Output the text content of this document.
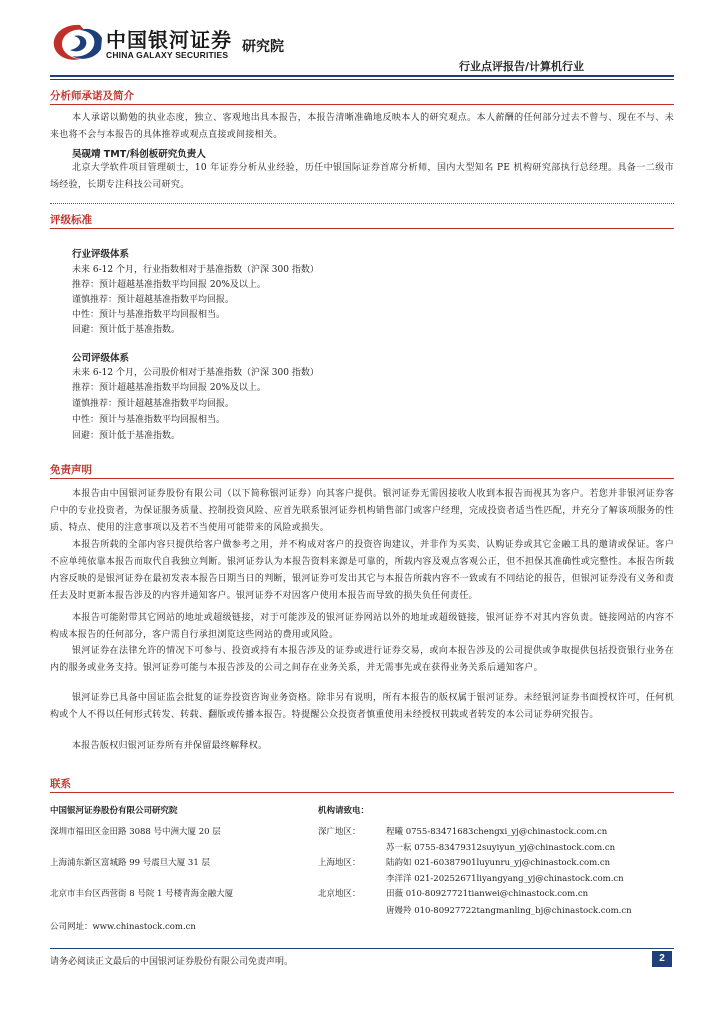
中国银河证券
CHINA GALAXY SECURITIES 研究院
行业点评报告/计算机行业
分析师承诺及简介
本人承诺以勤勉的执业态度，独立、客观地出具本报告，本报告清晰准确地反映本人的研究观点。本人薪酬的任何部分过去不曾与、现在不与、未来也将不会与本报告的具体推荐或观点直接或间接相关。
吴砚靖 TMT/科创板研究负责人
北京大学软件项目管理硕士，10 年证券分析从业经验，历任中银国际证券首席分析师，国内大型知名 PE 机构研究部执行总经理。具备一二级市场经验，长期专注科技公司研究。
评级标准
行业评级体系
未来 6-12 个月，行业指数相对于基准指数（沪深 300 指数）
推荐：预计超越基准指数平均回报 20%及以上。
谨慎推荐：预计超越基准指数平均回报。
中性：预计与基准指数平均回报相当。
回避：预计低于基准指数。
公司评级体系
未来 6-12 个月，公司股价相对于基准指数（沪深 300 指数）
推荐：预计超越基准指数平均回报 20%及以上。
谨慎推荐：预计超越基准指数平均回报。
中性：预计与基准指数平均回报相当。
回避：预计低于基准指数。
免责声明
本报告由中国银河证券股份有限公司（以下简称银河证券）向其客户提供。银河证券无需因接收人收到本报告而视其为客户。若您并非银河证券客户中的专业投资者，为保证服务质量、控制投资风险、应首先联系银河证券机构销售部门或客户经理，完成投资者适当性匹配，并充分了解该项服务的性质、特点、使用的注意事项以及若不当使用可能带来的风险或损失。
本报告所载的全部内容只提供给客户做参考之用，并不构成对客户的投资咨询建议，并非作为买卖、认购证券或其它金融工具的邀请或保证。客户不应单纯依靠本报告而取代自我独立判断。银河证券认为本报告资料来源是可靠的，所载内容及观点客观公正，但不担保其准确性或完整性。本报告所载内容反映的是银河证券在最初发表本报告日期当日的判断，银河证券可发出其它与本报告所载内容不一致或有不同结论的报告，但银河证券没有义务和责任去及时更新本报告涉及的内容并通知客户。银河证券不对因客户使用本报告而导致的损失负任何责任。
本报告可能附带其它网站的地址或超级链接，对于可能涉及的银河证券网站以外的地址或超级链接，银河证券不对其内容负责。链接网站的内容不构成本报告的任何部分，客户需自行承担浏览这些网站的费用或风险。
银河证券在法律允许的情况下可参与、投资或持有本报告涉及的证券或进行证券交易，或向本报告涉及的公司提供或争取提供包括投资银行业务在内的服务或业务支持。银河证券可能与本报告涉及的公司之间存在业务关系，并无需事先或在获得业务关系后通知客户。
银河证券已具备中国证监会批复的证券投资咨询业务资格。除非另有说明，所有本报告的版权属于银河证券。未经银河证券书面授权许可，任何机构或个人不得以任何形式转发、转载、翻版或传播本报告。特提醒公众投资者慎重使用未经授权刊载或者转发的本公司证券研究报告。
本报告版权归银河证券所有并保留最终解释权。
联系
中国银河证券股份有限公司研究院	机构请致电：
深圳市福田区金田路 3088 号中洲大厦 20 层	深广地区：	程曦 0755-83471683chengxi_yj@chinastock.com.cn
苏一耘 0755-83479312suyiyun_yj@chinastock.com.cn
上海浦东新区富城路 99 号震旦大厦 31 层	上海地区：	陆韵如 021-60387901luyunru_yj@chinastock.com.cn
李洋洋 021-20252671liyangyang_yj@chinastock.com.cn
北京市丰台区西营街 8 号院 1 号楼青海金融大厦	北京地区：	田薇 010-80927721tianwei@chinastock.com.cn
唐嫚羚 010-80927722tangmanling_bj@chinastock.com.cn
公司网址：www.chinastock.com.cn
请务必阅读正文最后的中国银河证券股份有限公司免责声明。	2
